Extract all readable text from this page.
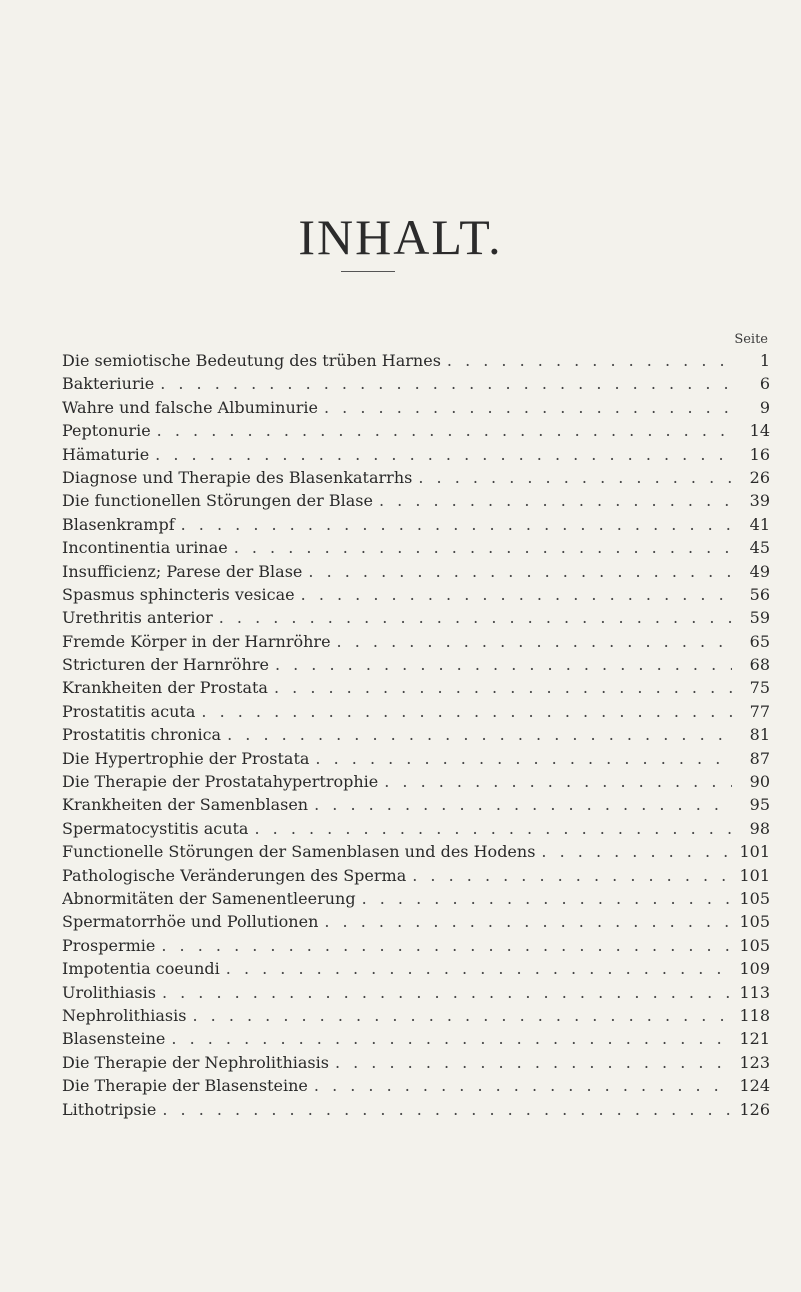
INHALT.
Seite
Die semiotische Bedeutung des trüben Harnes . . .	1
Bakteriurie . . .	6
Wahre und falsche Albuminurie . . .	9
Peptonurie . . .	14
Hämaturie . . .	16
Diagnose und Therapie des Blasenkatarrhs . . .	26
Die functionellen Störungen der Blase . . .	39
Blasenkrampf . . .	41
Incontinentia urinae . . .	45
Insufficienz; Parese der Blase . . .	49
Spasmus sphincteris vesicae . . .	56
Urethritis anterior . . .	59
Fremde Körper in der Harnröhre . . .	65
Stricturen der Harnröhre . . .	68
Krankheiten der Prostata . . .	75
Prostatitis acuta . . .	77
Prostatitis chronica . . .	81
Die Hypertrophie der Prostata . . .	87
Die Therapie der Prostatahypertrophie . . .	90
Krankheiten der Samenblasen . . .	95
Spermatocystitis acuta . . .	98
Functionelle Störungen der Samenblasen und des Hodens . . .	101
Pathologische Veränderungen des Sperma . . .	101
Abnormitäten der Samenentleerung . . .	105
Spermatorrhöe und Pollutionen . . .	105
Prospermie . . .	105
Impotentia coeundi . . .	109
Urolithiasis . . .	113
Nephrolithiasis . . .	118
Blasensteine . . .	121
Die Therapie der Nephrolithiasis . . .	123
Die Therapie der Blasensteine . . .	124
Lithotripsie . . .	126
